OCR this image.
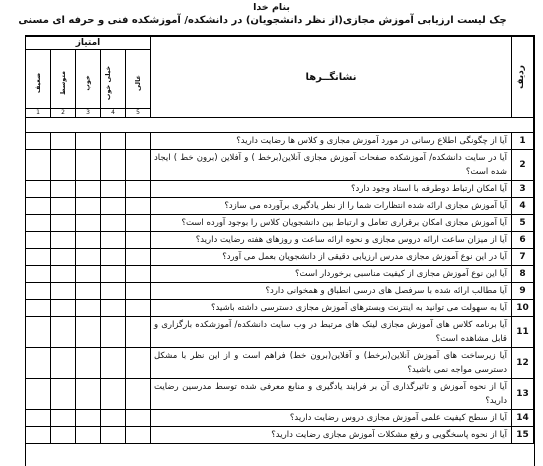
بنام خدا
چک لیست ارزیابی آموزش مجازی(از نظر دانشجویان) در دانشکده/ آموزشکده فنی و حرفه ای مسنی
ردیف	نشانگــرها	امتیاز				
		عالی	خیلی خوب	خوب	متوسط	ضعیف
		5	4	3	2	1

1	آیا از چگونگی اطلاع رسانی در مورد آموزش مجازی و کلاس ها رضایت دارید؟					
2	آیا در سایت دانشکده/ آموزشکده صفحات آموزش مجازی آنلاین(برخط ) و آفلاین (برون خط ) ایجاد شده است؟					
3	آیا امکان ارتباط دوطرفه با استاد وجود دارد؟					
4	آیا آموزش مجازی ارائه شده انتظارات شما را از نظر یادگیری برآورده می سازد؟					
5	آیا آموزش مجازی امکان برقراری تعامل و ارتباط بین دانشجویان کلاس را بوجود آورده است؟					
6	آیا از میزان ساعت ارائه دروس مجازی و نحوه ارائه ساعت و روزهای هفته رضایت دارید؟					
7	آیا در این نوع آموزش مجازی مدرس ارزیابی دقیقی از دانشجویان بعمل می آورد؟					
8	آیا این نوع آموزش مجازی از کیفیت مناسبی برخوردار است؟					
9	آیا مطالب ارائه شده با سرفصل های درسی انطباق و همخوانی دارد؟					
10	آیا به سهولت می توانید به اینترنت وبسترهای آموزش مجازی دسترسی داشته باشید؟					
11	آیا برنامه کلاس های آموزش مجازی لینک های مرتبط در وب سایت دانشکده/ آموزشکده بارگزاری و قابل مشاهده است؟					
12	آیا زیرساخت های آموزش آنلاین(برخط) و آفلاین(برون خط) فراهم است و از این نظر با مشکل دسترسی مواجه نمی باشید؟					
13	آیا از نحوه آموزش و تاثیرگذاری آن بر فرایند یادگیری و منابع معرفی شده توسط مدرسین رضایت دارید؟					
14	آیا از سطح کیفیت علمی آموزش مجازی دروس رضایت دارید؟					
15	آیا از نحوه پاسخگویی و رفع مشکلات آموزش مجازی رضایت دارید؟					
